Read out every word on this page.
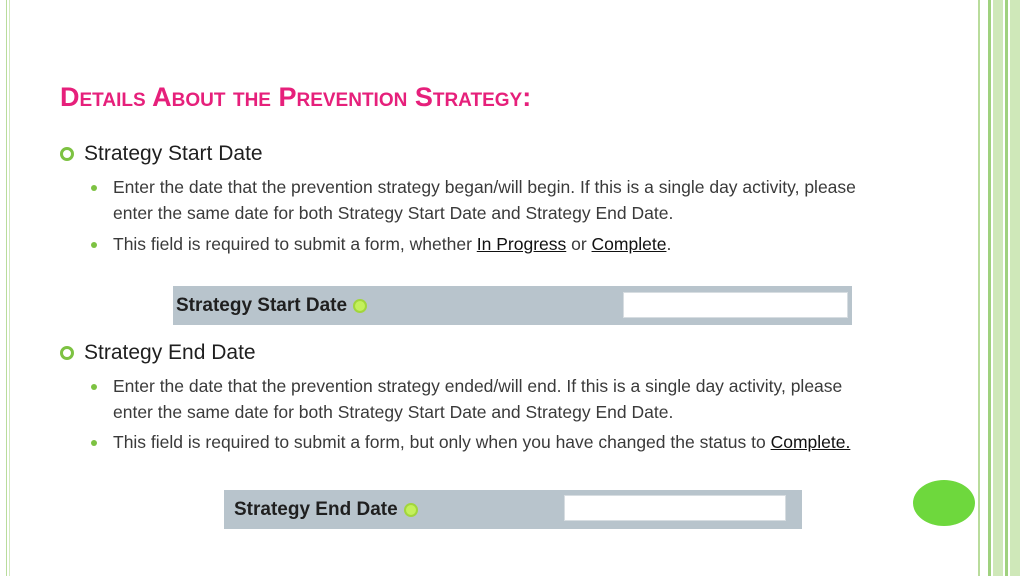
Details About the Prevention Strategy:
Strategy Start Date
Enter the date that the prevention strategy began/will begin. If this is a single day activity, please enter the same date for both Strategy Start Date and Strategy End Date.
This field is required to submit a form, whether In Progress or Complete.
Strategy Start Date
Strategy End Date
Enter the date that the prevention strategy ended/will end. If this is a single day activity, please enter the same date for both Strategy Start Date and Strategy End Date.
This field is required to submit a form, but only when you have changed the status to Complete.
Strategy End Date
